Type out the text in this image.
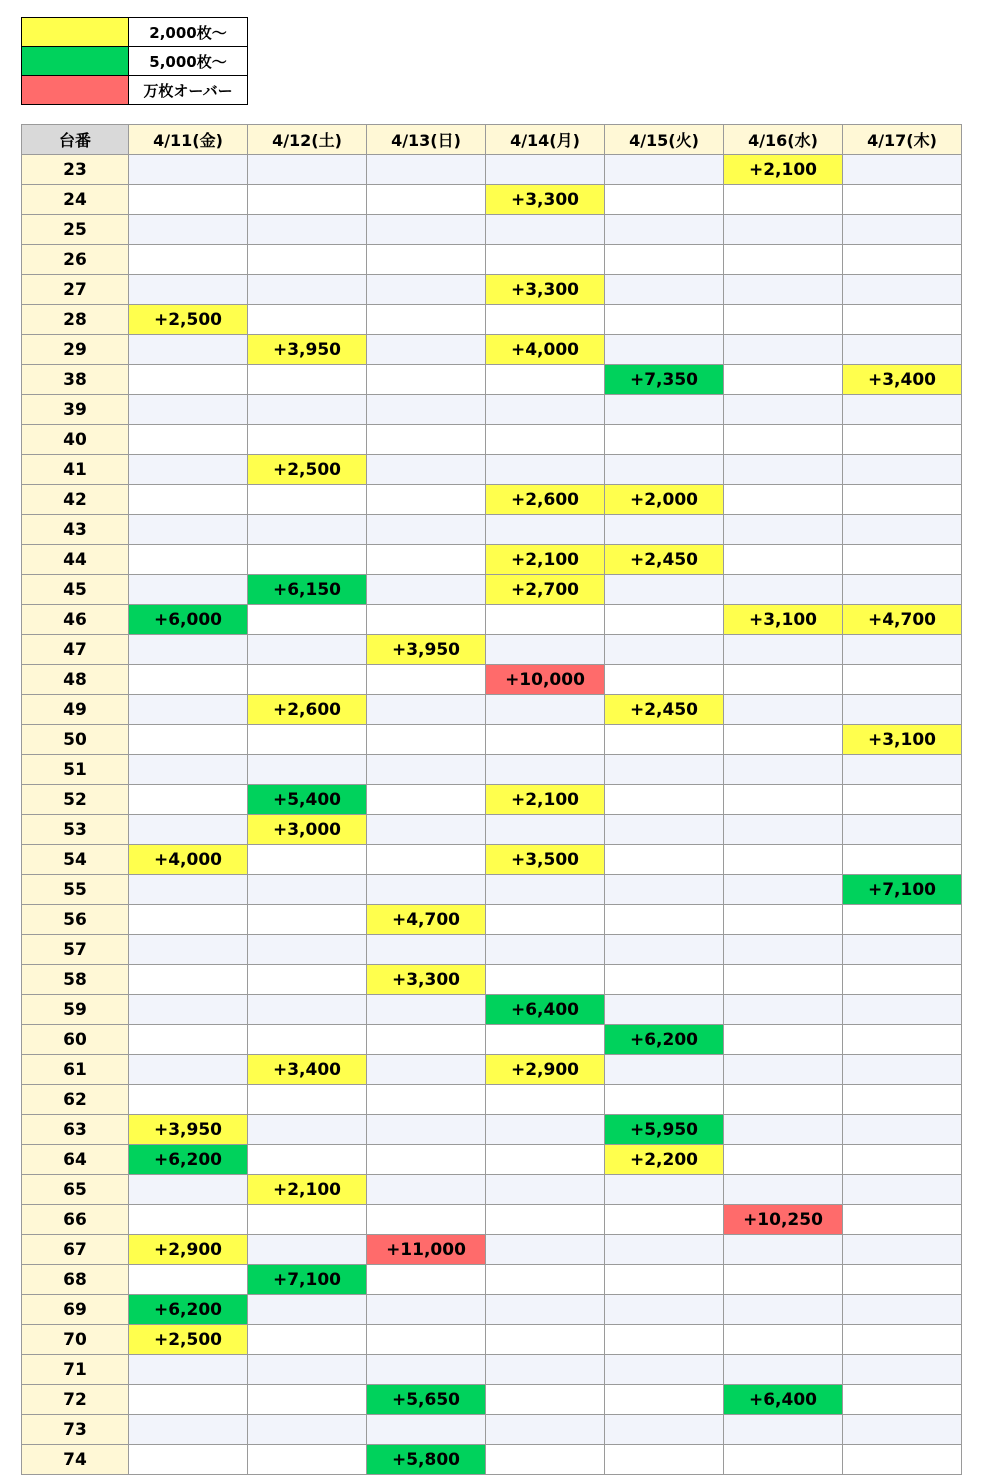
	2,000枚～
	5,000枚～
	万枚オーバー
台番	4/11(金)	4/12(土)	4/13(日)	4/14(月)	4/15(火)	4/16(水)	4/17(木)
23						+2,100	
24				+3,300			
25							
26							
27				+3,300			
28	+2,500						
29		+3,950		+4,000			
38					+7,350		+3,400
39							
40							
41		+2,500					
42				+2,600	+2,000		
43							
44				+2,100	+2,450		
45		+6,150		+2,700			
46	+6,000					+3,100	+4,700
47			+3,950				
48				+10,000			
49		+2,600			+2,450		
50							+3,100
51							
52		+5,400		+2,100			
53		+3,000					
54	+4,000			+3,500			
55							+7,100
56			+4,700				
57							
58			+3,300				
59				+6,400			
60					+6,200		
61		+3,400		+2,900			
62							
63	+3,950				+5,950		
64	+6,200				+2,200		
65		+2,100					
66						+10,250	
67	+2,900		+11,000				
68		+7,100					
69	+6,200						
70	+2,500						
71							
72			+5,650			+6,400	
73							
74			+5,800				
